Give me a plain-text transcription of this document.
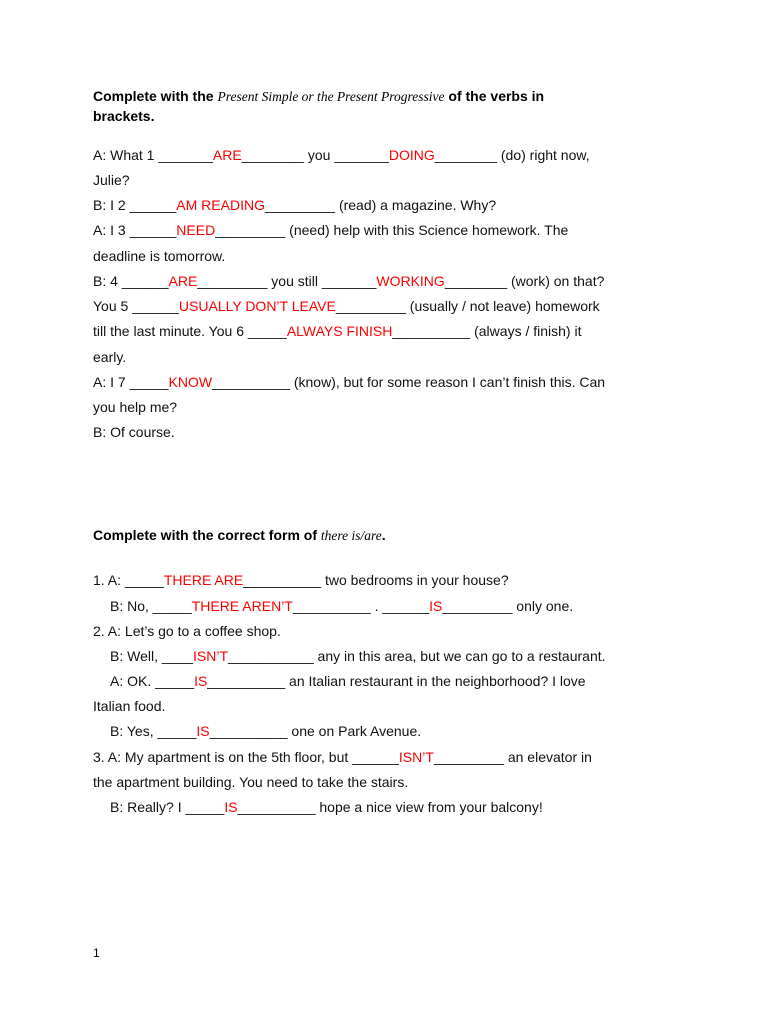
Complete with the Present Simple or the Present Progressive of the verbs in
brackets.
A: What 1 _______ARE________ you _______DOING________ (do) right now,
Julie?
B: I 2 ______AM READING_________ (read) a magazine. Why?
A: I 3 ______NEED_________ (need) help with this Science homework. The
deadline is tomorrow.
B: 4 ______ARE_________ you still _______WORKING________ (work) on that?
You 5 ______USUALLY DON’T LEAVE_________ (usually / not leave) homework
till the last minute. You 6 _____ALWAYS FINISH__________ (always / finish) it
early.
A: I 7 _____KNOW__________ (know), but for some reason I can’t finish this. Can
you help me?
B: Of course.
Complete with the correct form of there is/are.
1. A: _____THERE ARE__________ two bedrooms in your house?
B: No, _____THERE AREN’T__________ . ______IS_________ only one.
2. A: Let’s go to a coffee shop.
B: Well, ____ISN’T___________ any in this area, but we can go to a restaurant.
A: OK. _____IS__________ an Italian restaurant in the neighborhood? I love
Italian food.
B: Yes, _____IS__________ one on Park Avenue.
3. A: My apartment is on the 5th floor, but ______ISN’T_________ an elevator in
the apartment building. You need to take the stairs.
B: Really? I _____IS__________ hope a nice view from your balcony!
1
